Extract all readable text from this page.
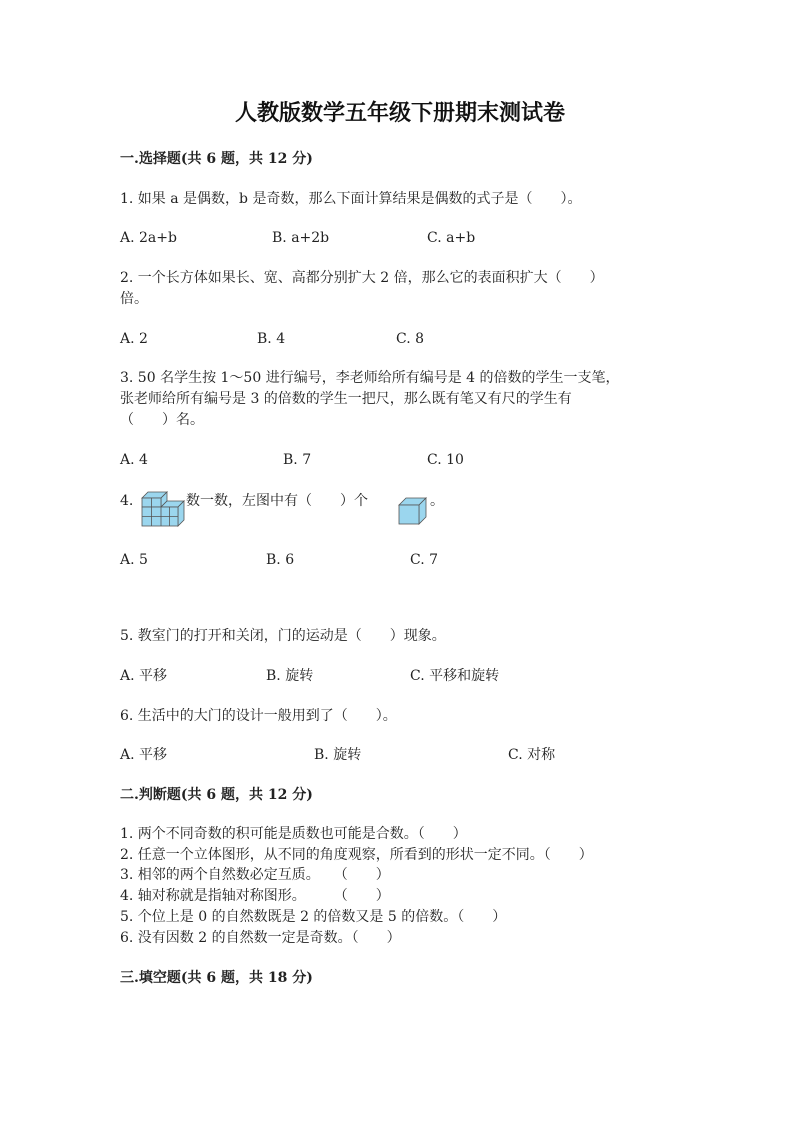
人教版数学五年级下册期末测试卷
一.选择题(共 6 题，共 12 分)
1. 如果 a 是偶数，b 是奇数，那么下面计算结果是偶数的式子是（　　）。
A. 2a+b	B. a+2b	C. a+b
2. 一个长方体如果长、宽、高都分别扩大 2 倍，那么它的表面积扩大（　　）
倍。
A. 2	B. 4	C. 8
3. 50 名学生按 1～50 进行编号，李老师给所有编号是 4 的倍数的学生一支笔，
张老师给所有编号是 3 的倍数的学生一把尺，那么既有笔又有尺的学生有
（　　）名。
A. 4	B. 7	C. 10
4.	数一数，左图中有（　　）个	。
A. 5	B. 6	C. 7
5. 教室门的打开和关闭，门的运动是（　　）现象。
A. 平移	B. 旋转	C. 平移和旋转
6. 生活中的大门的设计一般用到了（　　）。
A. 平移	B. 旋转	C. 对称
二.判断题(共 6 题，共 12 分)
1. 两个不同奇数的积可能是质数也可能是合数。（　　）
2. 任意一个立体图形，从不同的角度观察，所看到的形状一定不同。（　　）
3. 相邻的两个自然数必定互质。　　（　　）
4. 轴对称就是指轴对称图形。　　　（　　）
5. 个位上是 0 的自然数既是 2 的倍数又是 5 的倍数。（　　）
6. 没有因数 2 的自然数一定是奇数。（　　）
三.填空题(共 6 题，共 18 分)
